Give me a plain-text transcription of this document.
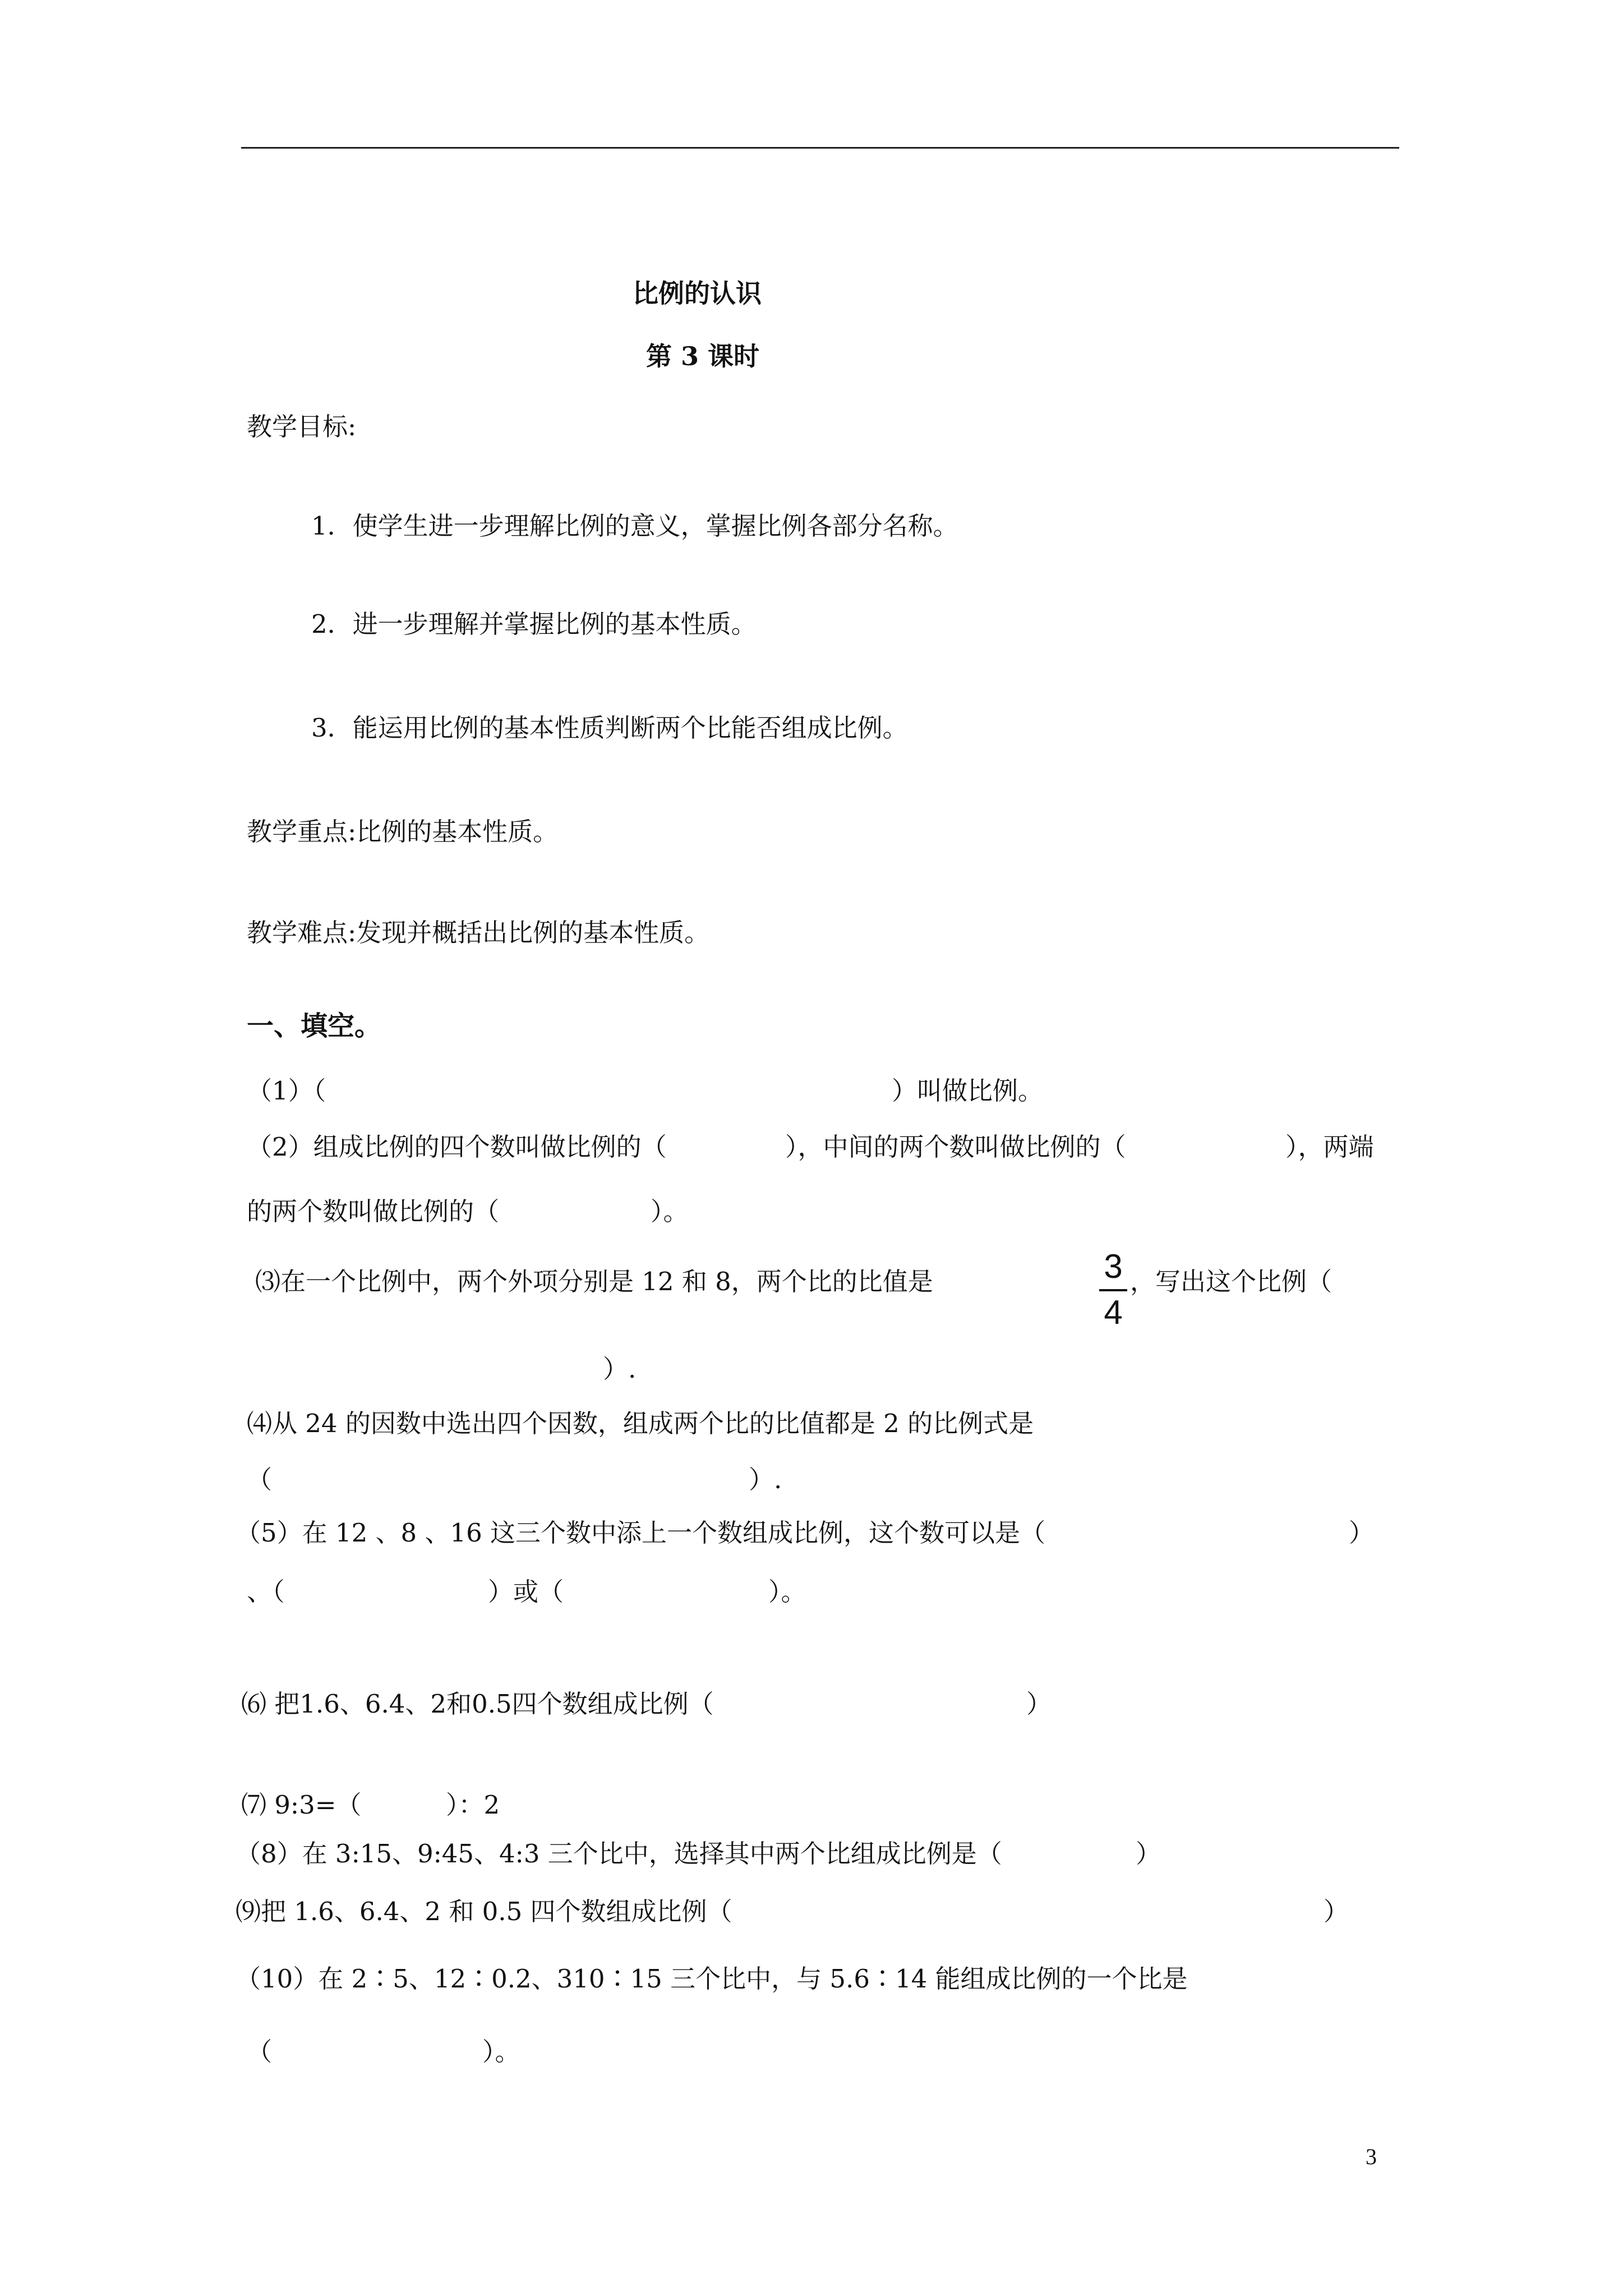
比例的认识
第 3 课时
教学目标:
1．使学生进一步理解比例的意义，掌握比例各部分名称。
2．进一步理解并掌握比例的基本性质。
3．能运用比例的基本性质判断两个比能否组成比例。
教学重点:比例的基本性质。
教学难点:发现并概括出比例的基本性质。
一、填空。
（1）（	）叫做比例。
（2）组成比例的四个数叫做比例的（	），中间的两个数叫做比例的（	），两端
的两个数叫做比例的（	）。
⑶在一个比例中，两个外项分别是 12 和 8，两个比的比值是	3
4
，写出这个比例（
）.
⑷从 24 的因数中选出四个因数，组成两个比的比值都是 2 的比例式是
（	）.
（5）在 12 、8 、16 这三个数中添上一个数组成比例，这个数可以是（	）
、（	）或（	）。
⑹ 把1.6、6.4、2和0.5四个数组成比例（	）
⑺ 9:3=（	）：2
（8）在 3:15、9:45、4:3 三个比中，选择其中两个比组成比例是（	）
⑼把 1.6、6.4、2 和 0.5 四个数组成比例（	）
（10）在 2∶5、12∶0.2、310∶15 三个比中，与 5.6∶14 能组成比例的一个比是
（	）。
3
